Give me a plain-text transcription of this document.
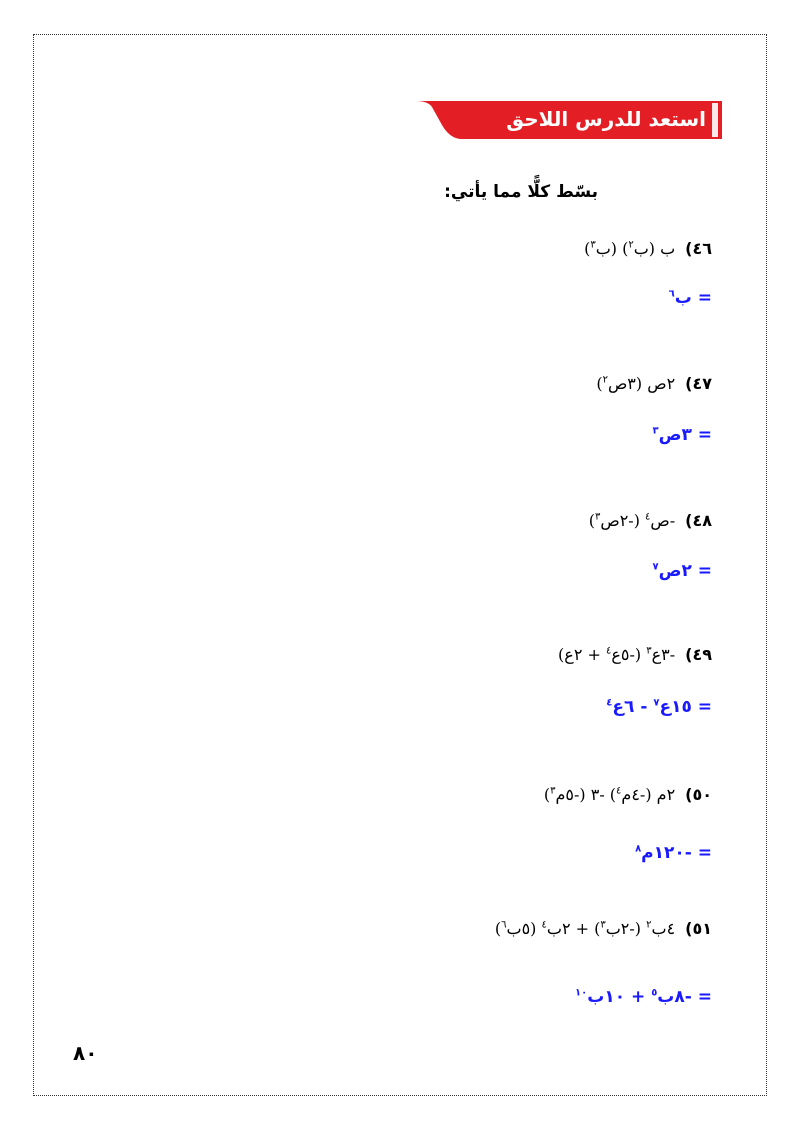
استعد للدرس اللاحق
بسّط كلًّا مما يأتي:
٤٦)ب (ب$^٢$) (ب$^٣$)
= ب$^٦$
٤٧)٢ص (٣ص$^٢$)
= ٣ص$^٣$
٤٨)-ص$^٤$ (-٢ص$^٣$)
= ٢ص$^٧$
٤٩)-٣ع$^٣$ (-٥ع$^٤$ + ٢ع)
= ١٥ع$^٧$ - ٦ع$^٤$
٥٠)٢م (-٤م$^٤$) -٣ (-٥م$^٣$)
= -١٢٠م$^٨$
٥١)٤ب$^٢$ (-٢ب$^٣$) + ٢ب$^٤$ (٥ب$^٦$)
= -٨ب$^٥$ + ١٠ب$^{١٠}$
٨٠
